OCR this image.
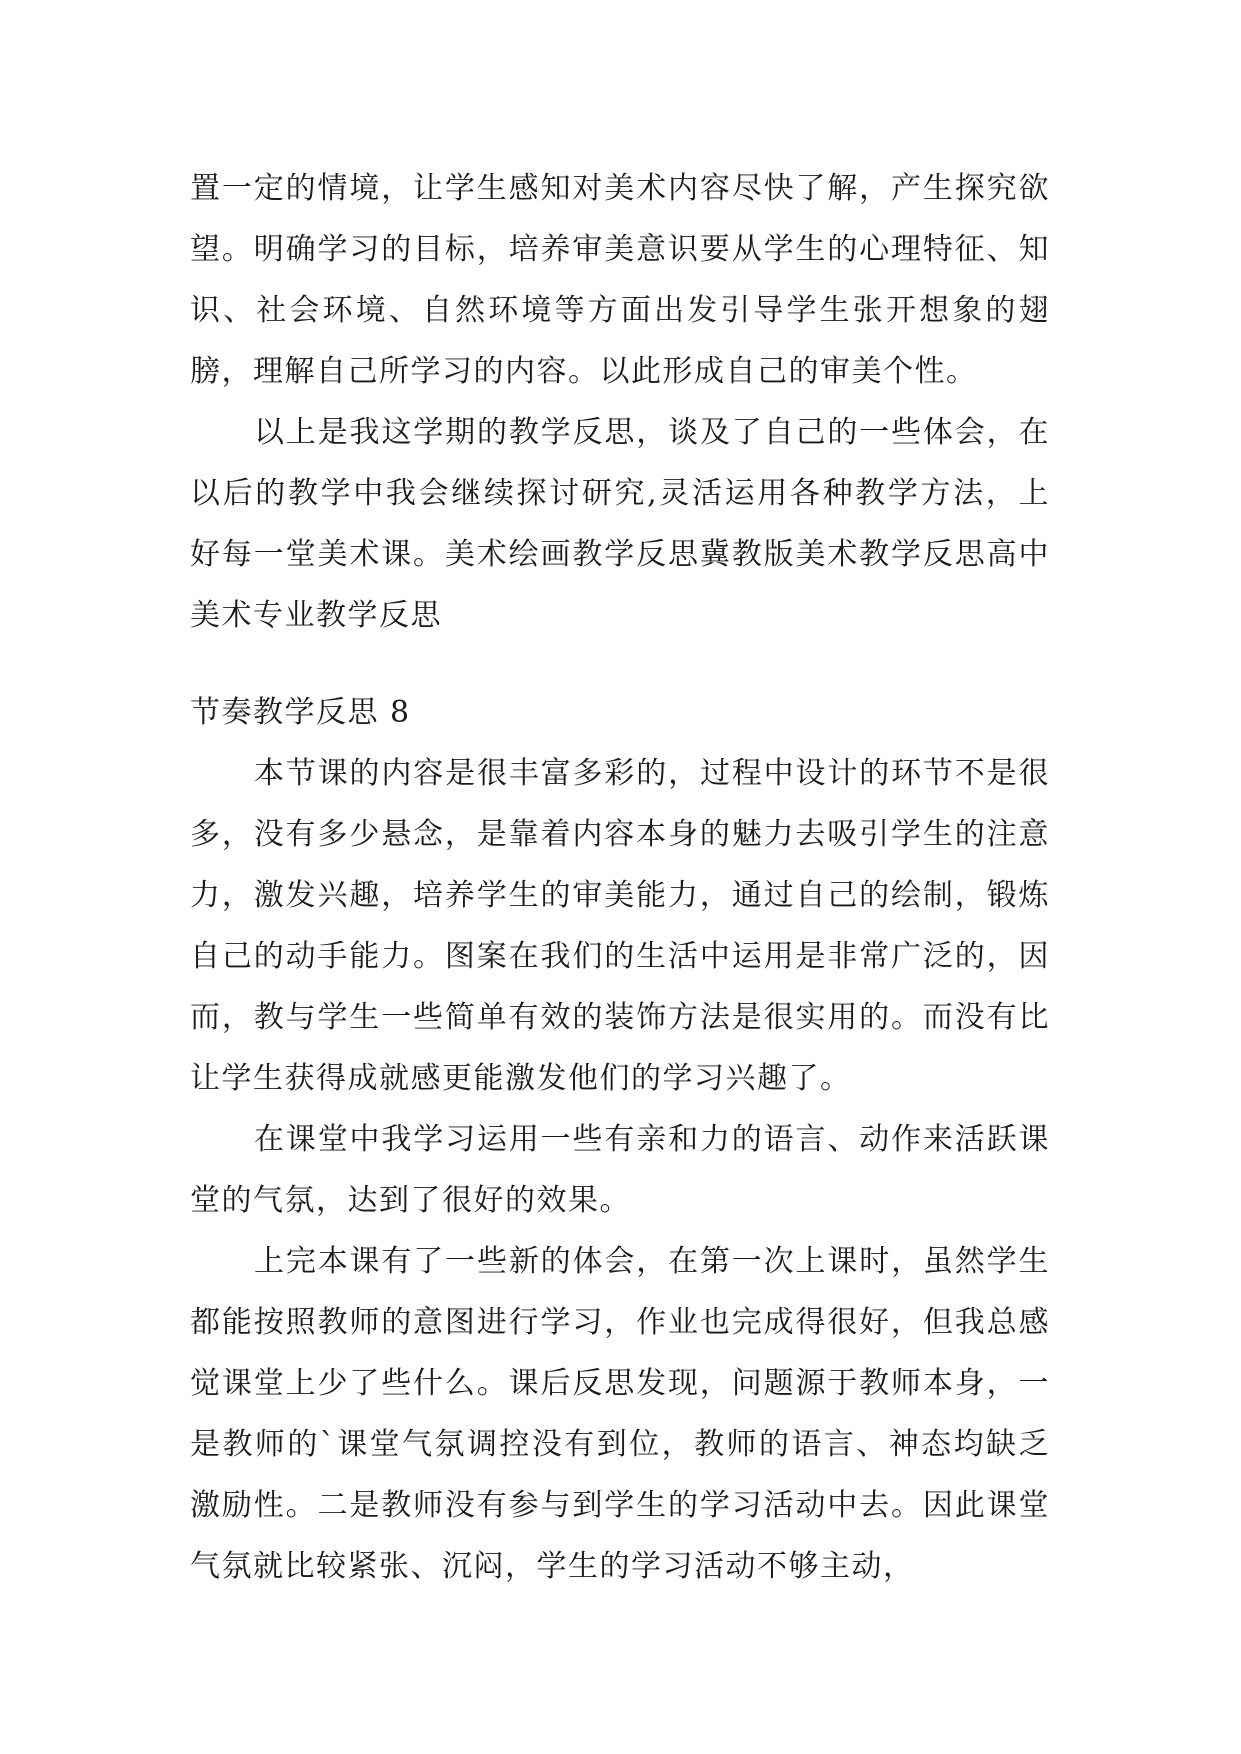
置一定的情境，让学生感知对美术内容尽快了解，产生探究欲望。明确学习的目标，培养审美意识要从学生的心理特征、知识、社会环境、自然环境等方面出发引导学生张开想象的翅膀，理解自己所学习的内容。以此形成自己的审美个性。

以上是我这学期的教学反思，谈及了自己的一些体会，在以后的教学中我会继续探讨研究,灵活运用各种教学方法，上好每一堂美术课。美术绘画教学反思冀教版美术教学反思高中美术专业教学反思

节奏教学反思 8

本节课的内容是很丰富多彩的，过程中设计的环节不是很多，没有多少悬念，是靠着内容本身的魅力去吸引学生的注意力，激发兴趣，培养学生的审美能力，通过自己的绘制，锻炼自己的动手能力。图案在我们的生活中运用是非常广泛的，因而，教与学生一些简单有效的装饰方法是很实用的。而没有比让学生获得成就感更能激发他们的学习兴趣了。

在课堂中我学习运用一些有亲和力的语言、动作来活跃课堂的气氛，达到了很好的效果。

上完本课有了一些新的体会，在第一次上课时，虽然学生都能按照教师的意图进行学习，作业也完成得很好，但我总感觉课堂上少了些什么。课后反思发现，问题源于教师本身，一是教师的`课堂气氛调控没有到位，教师的语言、神态均缺乏激励性。二是教师没有参与到学生的学习活动中去。因此课堂气氛就比较紧张、沉闷，学生的学习活动不够主动，
